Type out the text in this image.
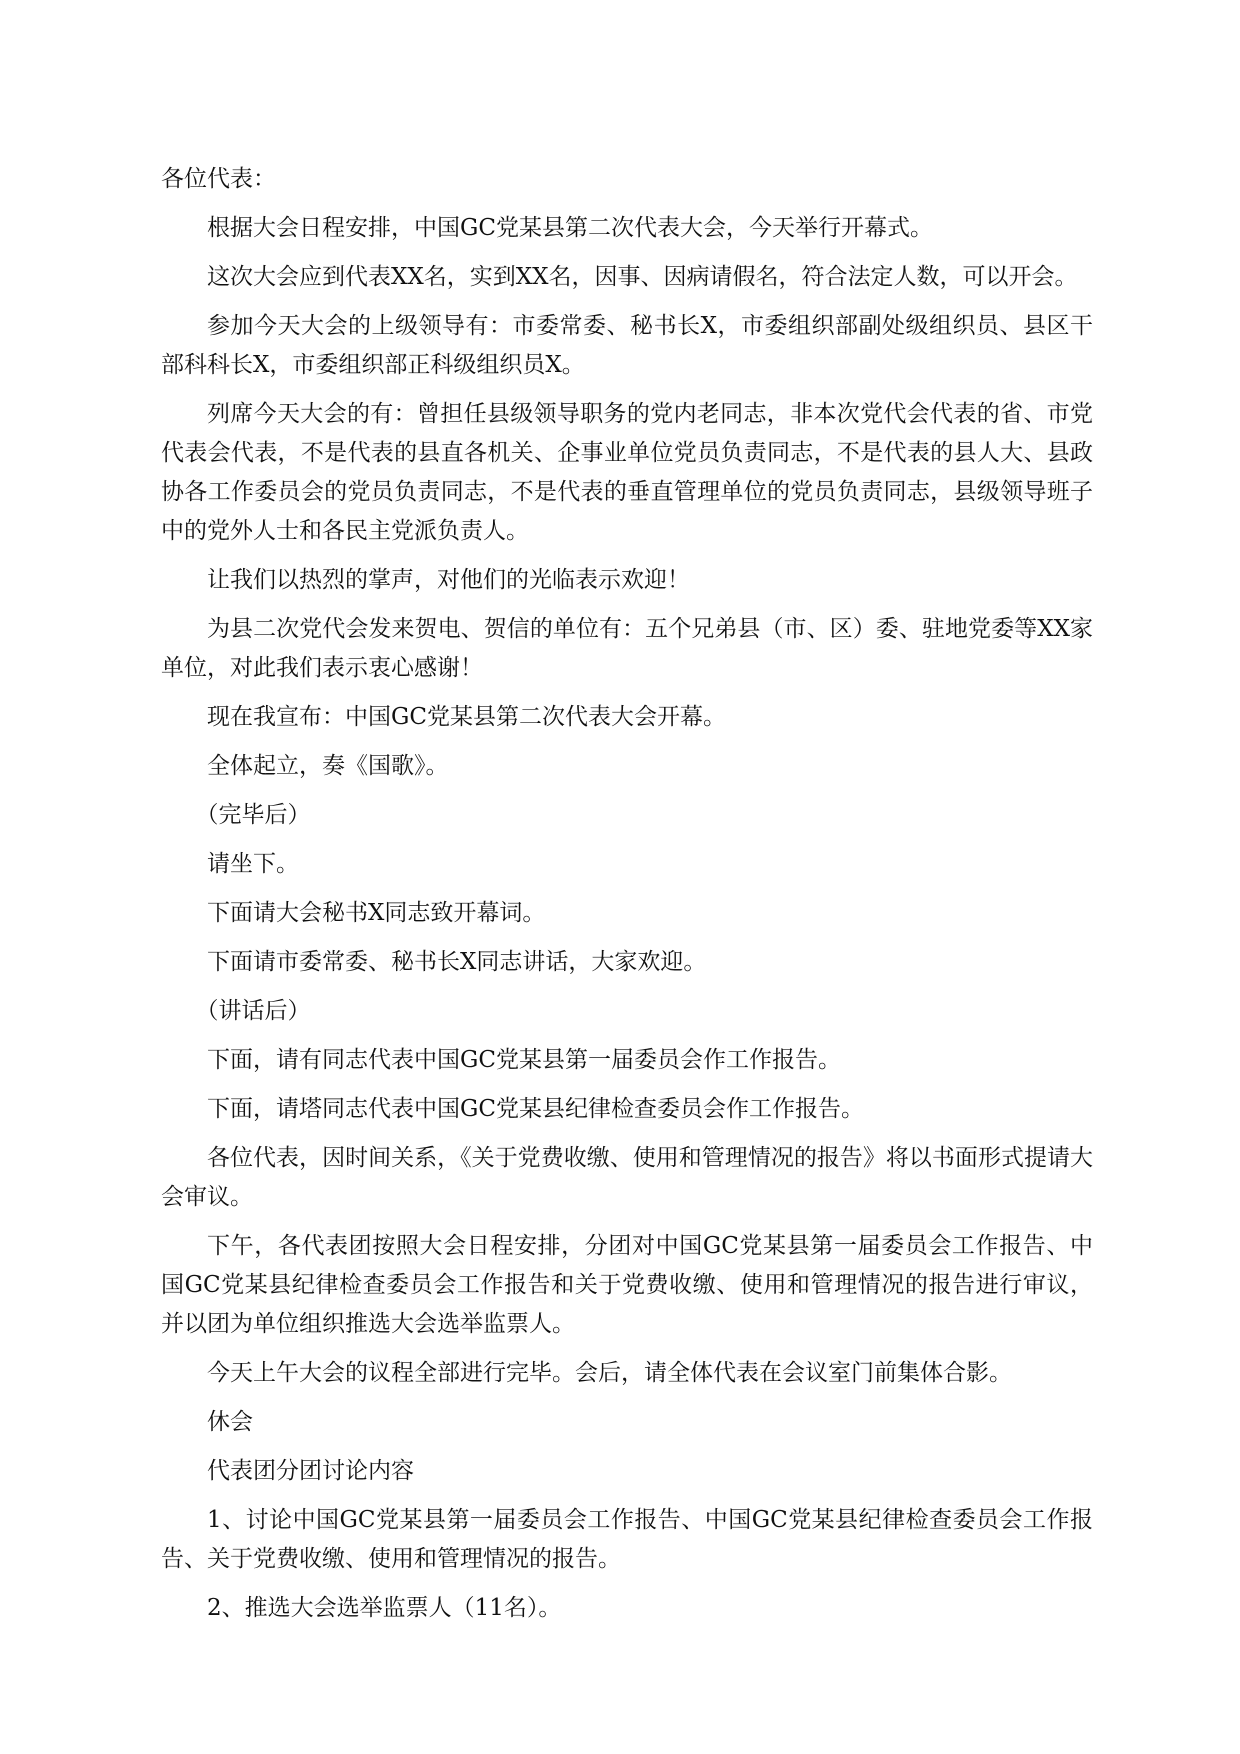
各位代表：

根据大会日程安排，中国GC党某县第二次代表大会，今天举行开幕式。

这次大会应到代表XX名，实到XX名，因事、因病请假名，符合法定人数，可以开会。

参加今天大会的上级领导有：市委常委、秘书长X，市委组织部副处级组织员、县区干部科科长X，市委组织部正科级组织员X。

列席今天大会的有：曾担任县级领导职务的党内老同志，非本次党代会代表的省、市党代表会代表，不是代表的县直各机关、企事业单位党员负责同志，不是代表的县人大、县政协各工作委员会的党员负责同志，不是代表的垂直管理单位的党员负责同志，县级领导班子中的党外人士和各民主党派负责人。

让我们以热烈的掌声，对他们的光临表示欢迎！

为县二次党代会发来贺电、贺信的单位有：五个兄弟县（市、区）委、驻地党委等XX家单位，对此我们表示衷心感谢！

现在我宣布：中国GC党某县第二次代表大会开幕。

全体起立，奏《国歌》。

（完毕后）

请坐下。

下面请大会秘书X同志致开幕词。

下面请市委常委、秘书长X同志讲话，大家欢迎。

（讲话后）

下面，请有同志代表中国GC党某县第一届委员会作工作报告。

下面，请塔同志代表中国GC党某县纪律检查委员会作工作报告。

各位代表，因时间关系，《关于党费收缴、使用和管理情况的报告》将以书面形式提请大会审议。

下午，各代表团按照大会日程安排，分团对中国GC党某县第一届委员会工作报告、中国GC党某县纪律检查委员会工作报告和关于党费收缴、使用和管理情况的报告进行审议，并以团为单位组织推选大会选举监票人。

今天上午大会的议程全部进行完毕。会后，请全体代表在会议室门前集体合影。

休会

代表团分团讨论内容

1、讨论中国GC党某县第一届委员会工作报告、中国GC党某县纪律检查委员会工作报告、关于党费收缴、使用和管理情况的报告。

2、推选大会选举监票人（11名）。
